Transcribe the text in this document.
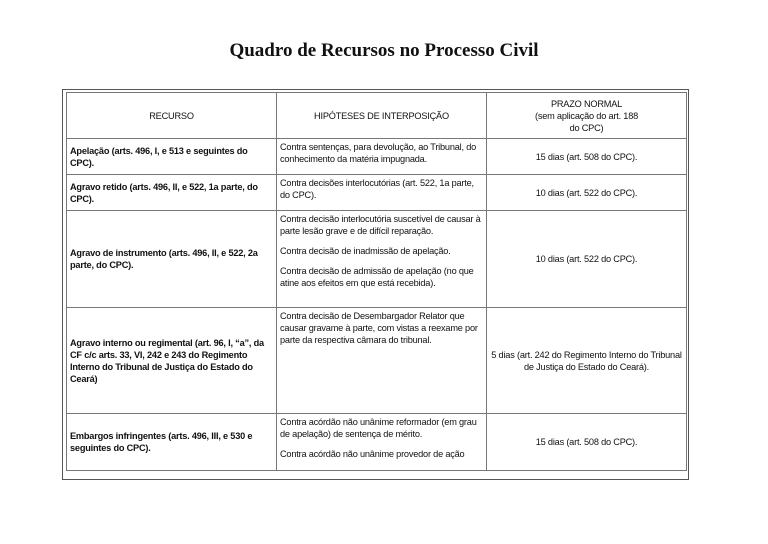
Quadro de Recursos no Processo Civil
RECURSO	HIPÓTESES DE INTERPOSIÇÃO	PRAZO NORMAL
(sem aplicação do art. 188
do CPC)

Apelação (arts. 496, I, e 513 e seguintes do CPC).	Contra sentenças, para devolução, ao Tribunal, do conhecimento da matéria impugnada.	15 dias (art. 508 do CPC).
Agravo retido (arts. 496, II, e 522, 1a parte, do CPC).	Contra decisões interlocutórias (art. 522, 1a parte, do CPC).	10 dias (art. 522 do CPC).
Agravo de instrumento (arts. 496, II, e 522, 2a parte, do CPC).	Contra decisão interlocutória suscetível de causar à parte lesão grave e de difícil reparação.

Contra decisão de inadmissão de apelação.

Contra decisão de admissão de apelação (no que atine aos efeitos em que está recebida).	10 dias (art. 522 do CPC).
Agravo interno ou regimental (art. 96, I, “a”, da CF c/c arts. 33, VI, 242 e 243 do Regimento Interno do Tribunal de Justiça do Estado do Ceará)	Contra decisão de Desembargador Relator que causar gravame à parte, com vistas a reexame por parte da respectiva câmara do tribunal.	5 dias (art. 242 do Regimento Interno do Tribunal de Justiça do Estado do Ceará).
Embargos infringentes (arts. 496, III, e 530 e seguintes do CPC).	Contra acórdão não unânime reformador (em grau de apelação) de sentença de mérito.

Contra acórdão não unânime provedor de ação	15 dias (art. 508 do CPC).
